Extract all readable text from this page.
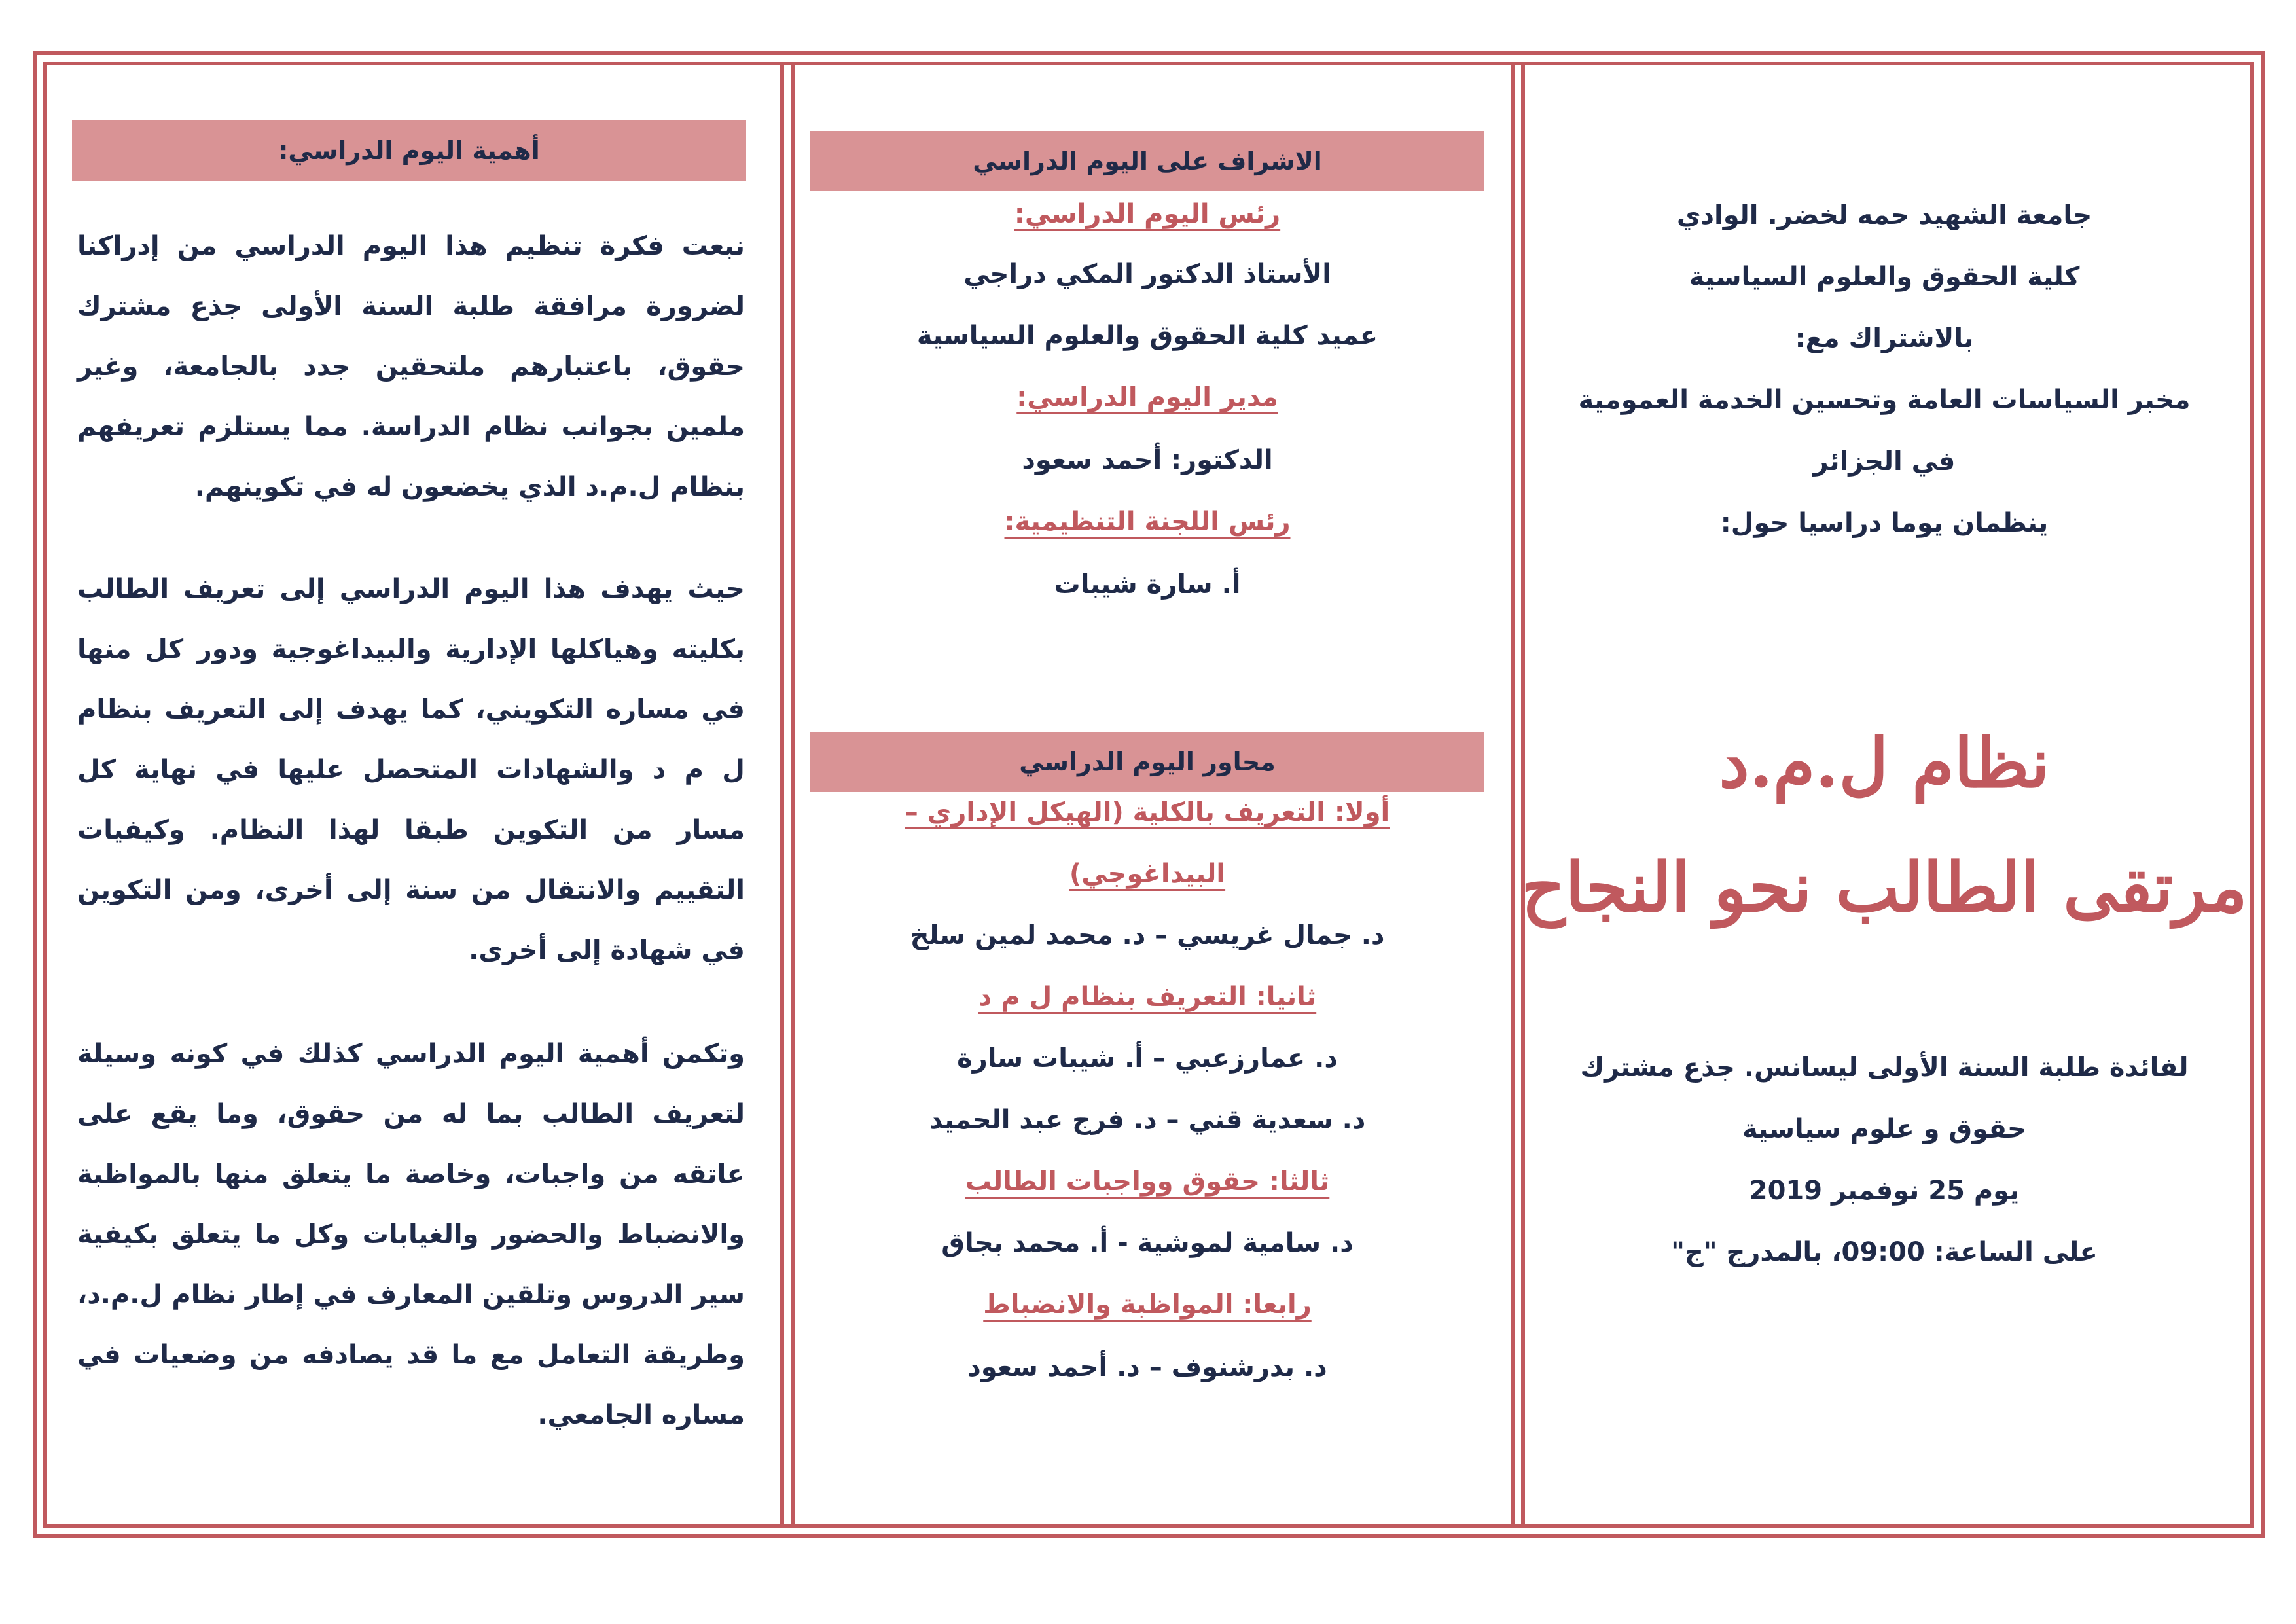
أهمية اليوم الدراسي:
نبعت فكرة تنظيم هذا اليوم الدراسي من إدراكنا لضرورة مرافقة طلبة السنة الأولى جذع مشترك حقوق، باعتبارهم ملتحقين جدد بالجامعة، وغير ملمين بجوانب نظام الدراسة. مما يستلزم تعريفهم بنظام ل.م.د الذي يخضعون له في تكوينهم.
حيث يهدف هذا اليوم الدراسي إلى تعريف الطالب بكليته وهياكلها الإدارية والبيداغوجية ودور كل منها في مساره التكويني، كما يهدف إلى التعريف بنظام ل م د والشهادات المتحصل عليها في نهاية كل مسار من التكوين طبقا لهذا النظام. وكيفيات التقييم والانتقال من سنة إلى أخرى، ومن التكوين في شهادة إلى أخرى.
وتكمن أهمية اليوم الدراسي كذلك في كونه وسيلة لتعريف الطالب بما له من حقوق، وما يقع على عاتقه من واجبات، وخاصة ما يتعلق منها بالمواظبة والانضباط والحضور والغيابات وكل ما يتعلق بكيفية سير الدروس وتلقين المعارف في إطار نظام ل.م.د، وطريقة التعامل مع ما قد يصادفه من وضعيات في مساره الجامعي.
الاشراف على اليوم الدراسي
رئس اليوم الدراسي:
الأستاذ الدكتور المكي دراجي
عميد كلية الحقوق والعلوم السياسية
مدير اليوم الدراسي:
الدكتور: أحمد سعود
رئس اللجنة التنظيمية:
أ. سارة شيبات
محاور اليوم الدراسي
أولا: التعريف بالكلية (الهيكل الإداري –
البيداغوجي)
د. جمال غريسي – د. محمد لمين سلخ
ثانيا: التعريف بنظام ل م د
د. عمارزعبي – أ. شيبات سارة
د. سعدية قني – د. فرج عبد الحميد
ثالثا: حقوق وواجبات الطالب
د. سامية لموشية - أ. محمد بجاق
رابعا: المواظبة والانضباط
د. بدرشنوف – د. أحمد سعود
جامعة الشهيد حمه لخضر. الوادي
كلية الحقوق والعلوم السياسية
بالاشتراك مع:
مخبر السياسات العامة وتحسين الخدمة العمومية
في الجزائر
ينظمان يوما دراسيا حول:
نظام ل.م.د
مرتقى الطالب نحو النجاح
لفائدة طلبة السنة الأولى ليسانس. جذع مشترك
حقوق و علوم سياسية
يوم 25 نوفمبر 2019
على الساعة: 09:00، بالمدرج "ج"
